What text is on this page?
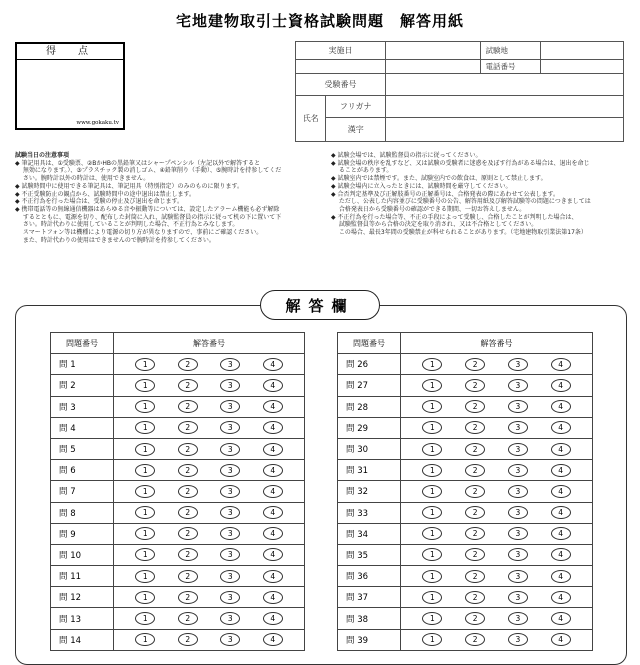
宅地建物取引士資格試験問題　解答用紙
得　点
www.gokaku.tv
実施日			試験地	
			電話番号	
受験番号				
氏名	フリガナ			
	漢字			
試験当日の注意事項
◆ 筆記用具は、①受験票、②BかHBの黒鉛筆又はシャープペンシル（左記以外で解答すると
　 無効になります。）、③プラスチック製の消しゴム、④鉛筆削り（手動）、⑤腕時計を持参してくだ
　 さい。腕時計以外の時計は、使用できません。
◆ 試験時間中に使用できる筆記具は、筆記用具（特別指定）のみのものに限ります。
◆ 不正受験防止の観点から、試験時間中の途中退出は禁止します。
◆ 不正行為を行った場合は、受験の停止及び退出を命じます。
◆ 携帯電話等の無線通信機器はあらゆる音や振動等については、設定したアラーム機能も必ず解除
　 するとともに、電源を切り、配布した封筒に入れ、試験監督員の指示に従って机の下に置いて下
　 さい。時計代わりに使用していることが判明した場合、不正行為とみなします。
　 スマートフォン等は機種により電源の切り方が異なりますので、事前にご確認ください。
　 また、時計代わりの使用はできませんので腕時計を持参してください。
◆ 試験会場では、試験監督員の指示に従ってください。
◆ 試験会場の秩序を乱すなど、又は試験の受験者に迷惑を及ぼす行為がある場合は、退出を命じ
　 ることがあります。
◆ 試験室内では禁煙です。また、試験室内での飲食は、原則として禁止します。
◆ 試験会場内に立入ったときには、試験時間を厳守してください。
◆ 合否判定基準及び正解肢番号の正解番号は、合格発表の際にあわせて公表します。
　 ただし、公表した内容並びに受験番号の公告、解答用紙及び解答試験等の問題につきましては
　 合格発表日から受験番号の確認ができる期間、一切お答えしません。
◆ 不正行為を行った場合等、不正の手段によって受験し、合格したことが判明した場合は、
　 試験監督員等から合格の決定を取り消され、又は不合格としてください。
　 この場合、最長3年間の受験禁止が科せられることがあります。（宅地建物取引業法第17条）
解答欄
問題番号	解答番号
問 1	1 2 3 4

問 2	1 2 3 4

問 3	1 2 3 4

問 4	1 2 3 4

問 5	1 2 3 4

問 6	1 2 3 4

問 7	1 2 3 4

問 8	1 2 3 4

問 9	1 2 3 4

問 10	1 2 3 4

問 11	1 2 3 4

問 12	1 2 3 4

問 13	1 2 3 4

問 14	1 2 3 4
問題番号	解答番号
問 26	1 2 3 4

問 27	1 2 3 4

問 28	1 2 3 4

問 29	1 2 3 4

問 30	1 2 3 4

問 31	1 2 3 4

問 32	1 2 3 4

問 33	1 2 3 4

問 34	1 2 3 4

問 35	1 2 3 4

問 36	1 2 3 4

問 37	1 2 3 4

問 38	1 2 3 4

問 39	1 2 3 4
